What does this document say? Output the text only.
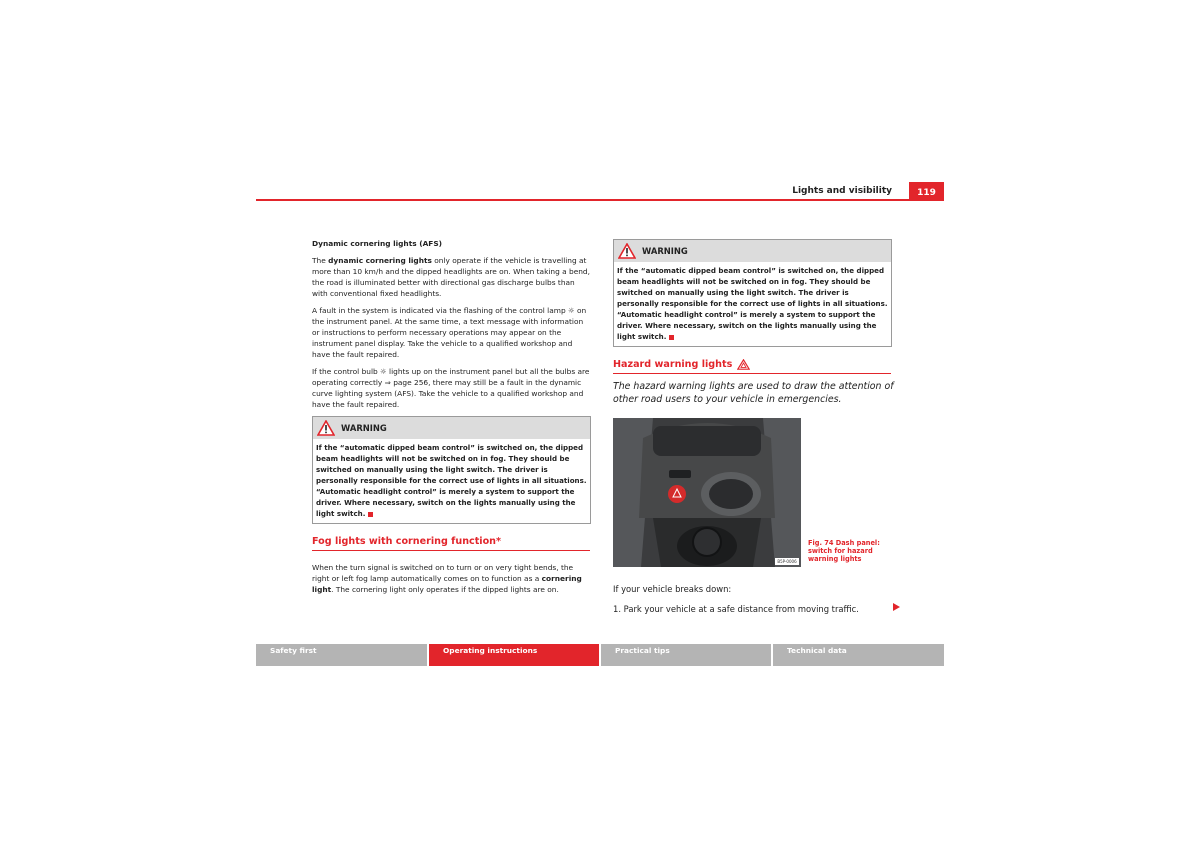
Lights and visibility	119

Dynamic cornering lights (AFS)

The dynamic cornering lights only operate if the vehicle is travelling at more than 10 km/h and the dipped headlights are on. When taking a bend, the road is illuminated better with directional gas discharge bulbs than with conventional fixed headlights.

A fault in the system is indicated via the flashing of the control lamp ☼ on the instrument panel. At the same time, a text message with information or instructions to perform necessary operations may appear on the instrument panel display. Take the vehicle to a qualified workshop and have the fault repaired.

If the control bulb ☼ lights up on the instrument panel but all the bulbs are operating correctly ⇒ page 256, there may still be a fault in the dynamic curve lighting system (AFS). Take the vehicle to a qualified workshop and have the fault repaired.

WARNING
If the “automatic dipped beam control” is switched on, the dipped beam headlights will not be switched on in fog. They should be switched on manually using the light switch. The driver is personally responsible for the correct use of lights in all situations. “Automatic headlight control” is merely a system to support the driver. Where necessary, switch on the lights manually using the light switch.
Fog lights with cornering function*
When the turn signal is switched on to turn or on very tight bends, the right or left fog lamp automatically comes on to function as a cornering light. The cornering light only operates if the dipped lights are on.
WARNING
If the “automatic dipped beam control” is switched on, the dipped beam headlights will not be switched on in fog. They should be switched on manually using the light switch. The driver is personally responsible for the correct use of lights in all situations. “Automatic headlight control” is merely a system to support the driver. Where necessary, switch on the lights manually using the light switch.
Hazard warning lights
The hazard warning lights are used to draw the attention of other road users to your vehicle in emergencies.
B5P-0006
Fig. 74 Dash panel: switch for hazard warning lights
If your vehicle breaks down:
1. Park your vehicle at a safe distance from moving traffic.
Safety first	Operating instructions	Practical tips	Technical data
